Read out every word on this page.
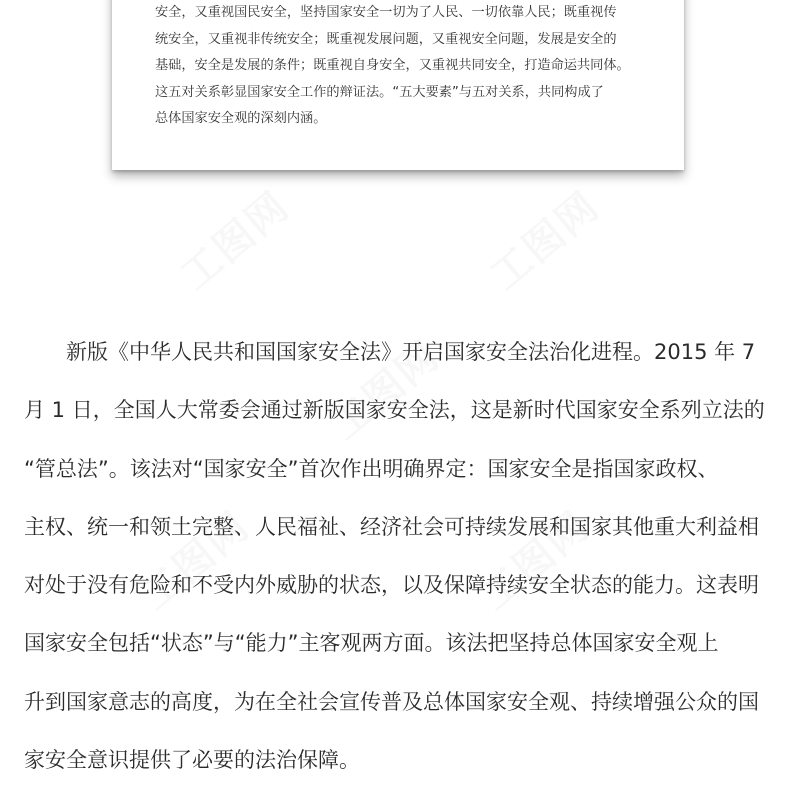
工图网	工图网
工图网
工图网	工图网

安全，又重视国民安全，坚持国家安全一切为了人民、一切依靠人民；既重视传
统安全，又重视非传统安全；既重视发展问题，又重视安全问题，发展是安全的
基础，安全是发展的条件；既重视自身安全，又重视共同安全，打造命运共同体。
这五对关系彰显国家安全工作的辩证法。“五大要素”与五对关系，共同构成了
总体国家安全观的深刻内涵。

　　新版《中华人民共和国国家安全法》开启国家安全法治化进程。2015 年 7
月 1 日，全国人大常委会通过新版国家安全法，这是新时代国家安全系列立法的
“管总法”。该法对“国家安全”首次作出明确界定：国家安全是指国家政权、
主权、统一和领土完整、人民福祉、经济社会可持续发展和国家其他重大利益相
对处于没有危险和不受内外威胁的状态，以及保障持续安全状态的能力。这表明
国家安全包括“状态”与“能力”主客观两方面。该法把坚持总体国家安全观上
升到国家意志的高度，为在全社会宣传普及总体国家安全观、持续增强公众的国
家安全意识提供了必要的法治保障。
